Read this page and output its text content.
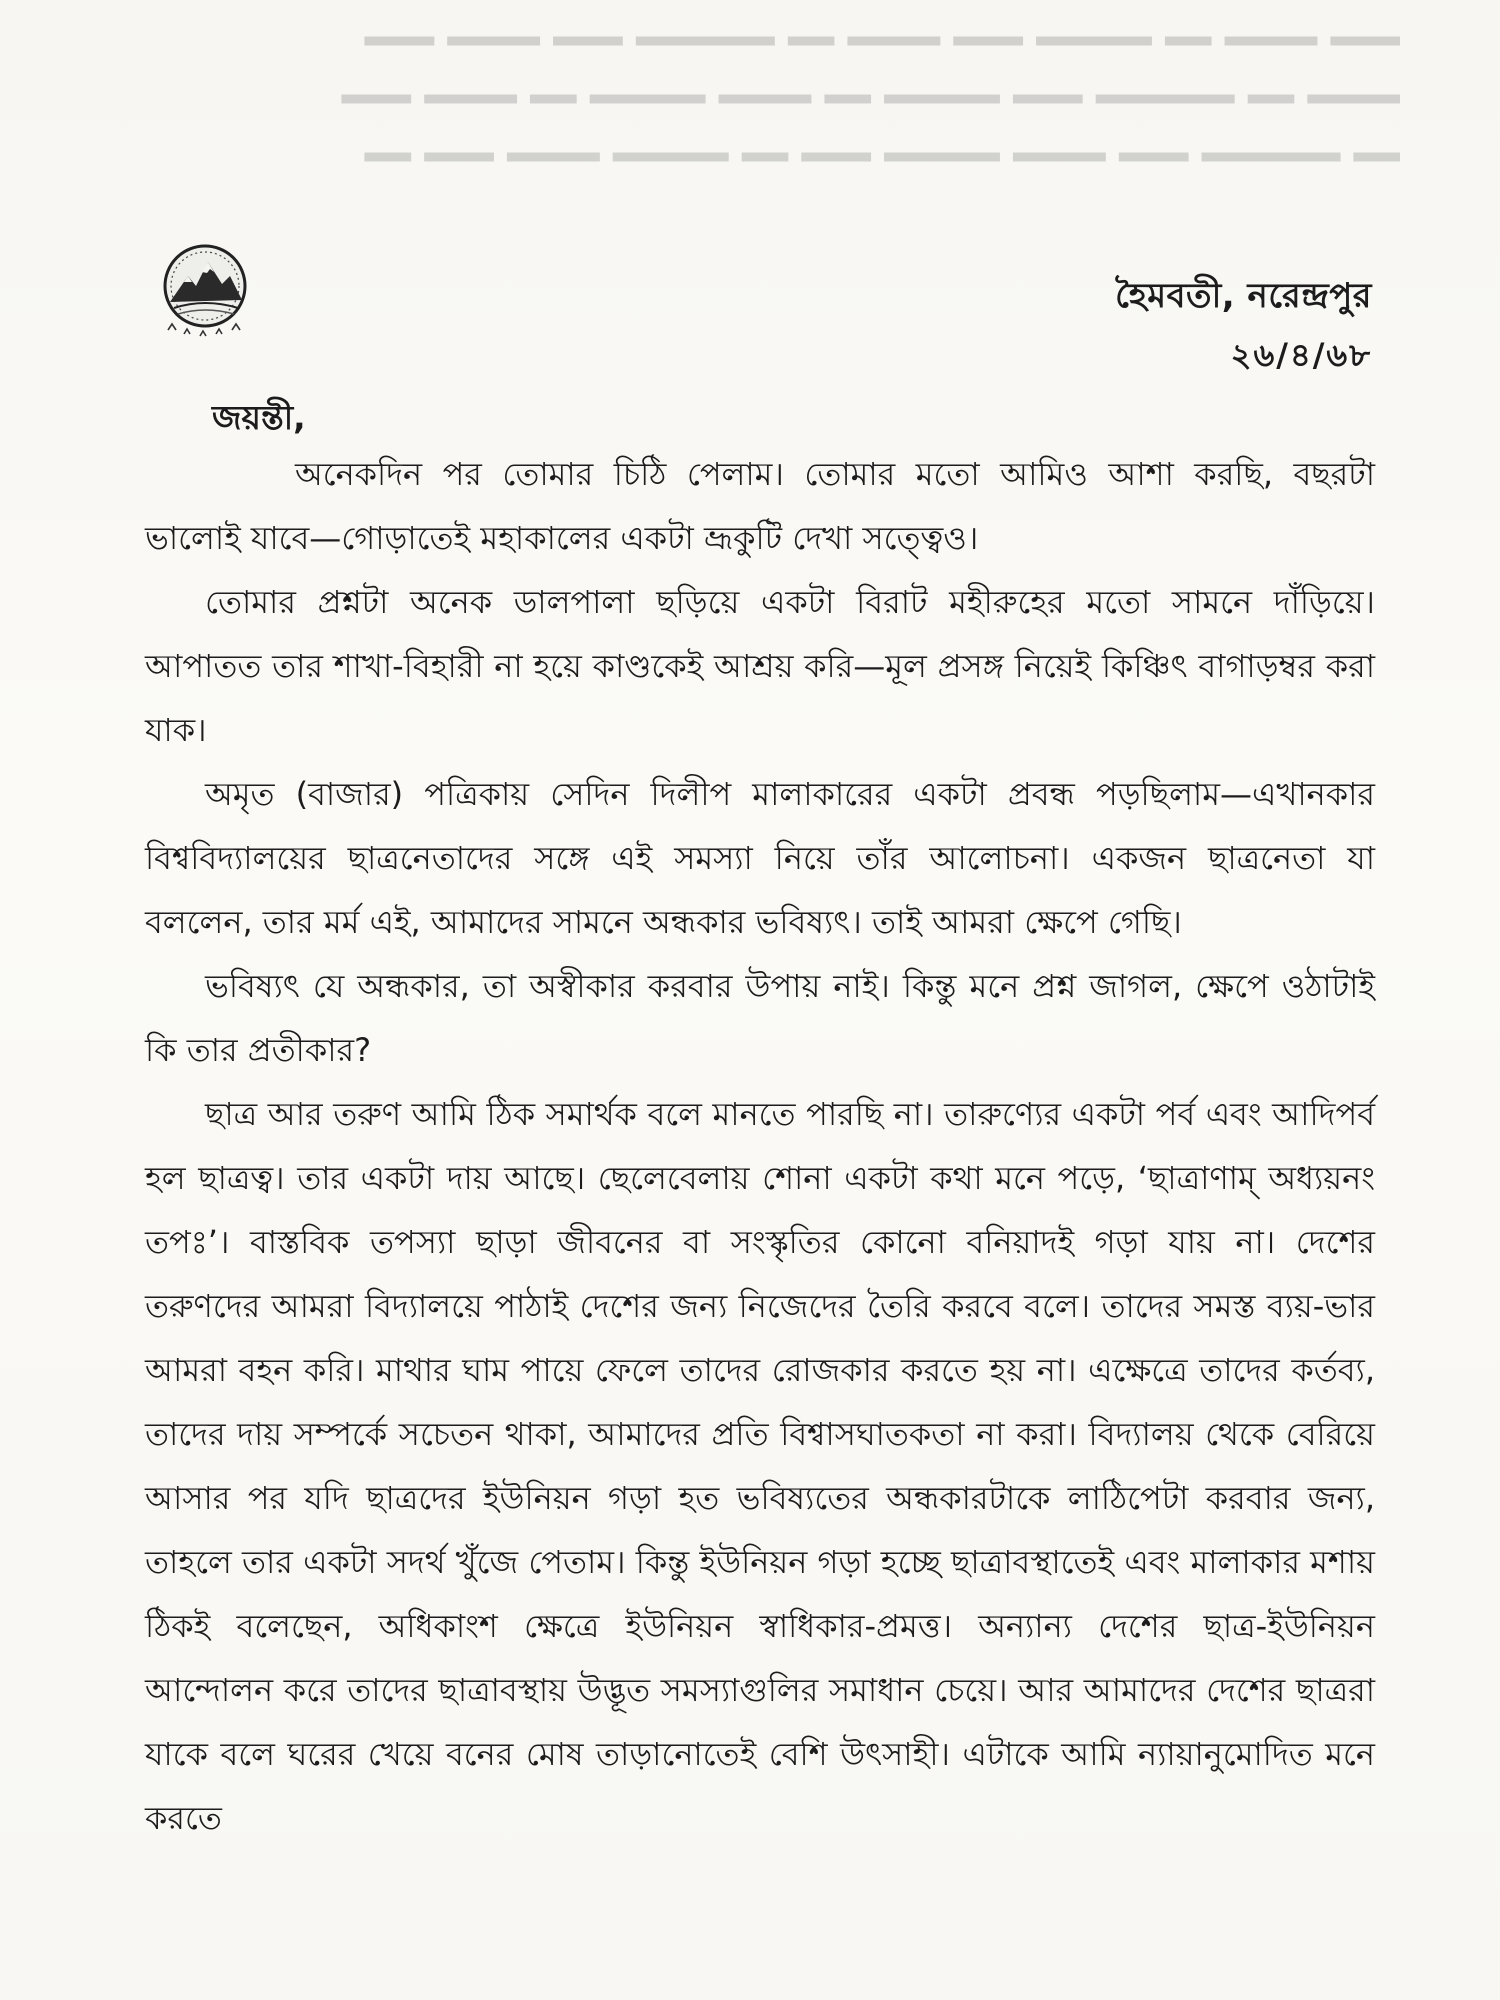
▂▂▂ ▂▂▂▂ ▂▂ ▂▂▂▂▂ ▂▂▂ ▂▂▂▂ ▂▂ ▂▂▂▂▂▂ ▂▂▂ ▂▂▂▂ ▂▂▂
▂▂▂▂ ▂▂ ▂▂▂▂▂▂ ▂▂▂ ▂▂▂▂▂ ▂▂ ▂▂▂▂ ▂▂▂▂▂ ▂▂ ▂▂▂▂ ▂▂▂
▂▂ ▂▂▂▂▂▂ ▂▂▂ ▂▂▂▂ ▂▂▂▂▂ ▂▂▂ ▂▂ ▂▂▂▂▂ ▂▂▂▂ ▂▂▂ ▂▂
হৈমবতী, নরেন্দ্রপুর
২৬/৪/৬৮
জয়ন্তী,

অনেকদিন পর তোমার চিঠি পেলাম। তোমার মতো আমিও আশা করছি, বছরটা ভালোই যাবে—গোড়াতেই মহাকালের একটা ভ্রূকুটি দেখা সত্ত্বেও।

তোমার প্রশ্নটা অনেক ডালপালা ছড়িয়ে একটা বিরাট মহীরুহের মতো সামনে দাঁড়িয়ে। আপাতত তার শাখা-বিহারী না হয়ে কাণ্ডকেই আশ্রয় করি—মূল প্রসঙ্গ নিয়েই কিঞ্চিৎ বাগাড়ম্বর করা যাক।

অমৃত (বাজার) পত্রিকায় সেদিন দিলীপ মালাকারের একটা প্রবন্ধ পড়ছিলাম—এখানকার বিশ্ববিদ্যালয়ের ছাত্রনেতাদের সঙ্গে এই সমস্যা নিয়ে তাঁর আলোচনা। একজন ছাত্রনেতা যা বললেন, তার মর্ম এই, আমাদের সামনে অন্ধকার ভবিষ্যৎ। তাই আমরা ক্ষেপে গেছি।

ভবিষ্যৎ যে অন্ধকার, তা অস্বীকার করবার উপায় নাই। কিন্তু মনে প্রশ্ন জাগল, ক্ষেপে ওঠাটাই কি তার প্রতীকার?

ছাত্র আর তরুণ আমি ঠিক সমার্থক বলে মানতে পারছি না। তারুণ্যের একটা পর্ব এবং আদিপর্ব হল ছাত্রত্ব। তার একটা দায় আছে। ছেলেবেলায় শোনা একটা কথা মনে পড়ে, ‘ছাত্রাণাম্ অধ্যয়নং তপঃ’। বাস্তবিক তপস্যা ছাড়া জীবনের বা সংস্কৃতির কোনো বনিয়াদই গড়া যায় না। দেশের তরুণদের আমরা বিদ্যালয়ে পাঠাই দেশের জন্য নিজেদের তৈরি করবে বলে। তাদের সমস্ত ব্যয়-ভার আমরা বহন করি। মাথার ঘাম পায়ে ফেলে তাদের রোজকার করতে হয় না। এক্ষেত্রে তাদের কর্তব্য, তাদের দায় সম্পর্কে সচেতন থাকা, আমাদের প্রতি বিশ্বাসঘাতকতা না করা। বিদ্যালয় থেকে বেরিয়ে আসার পর যদি ছাত্রদের ইউনিয়ন গড়া হত ভবিষ্যতের অন্ধকারটাকে লাঠিপেটা করবার জন্য, তাহলে তার একটা সদর্থ খুঁজে পেতাম। কিন্তু ইউনিয়ন গড়া হচ্ছে ছাত্রাবস্থাতেই এবং মালাকার মশায় ঠিকই বলেছেন, অধিকাংশ ক্ষেত্রে ইউনিয়ন স্বাধিকার-প্রমত্ত। অন্যান্য দেশের ছাত্র-ইউনিয়ন আন্দোলন করে তাদের ছাত্রাবস্থায় উদ্ভূত সমস্যাগুলির সমাধান চেয়ে। আর আমাদের দেশের ছাত্ররা যাকে বলে ঘরের খেয়ে বনের মোষ তাড়ানোতেই বেশি উৎসাহী। এটাকে আমি ন্যায়ানুমোদিত মনে করতে
